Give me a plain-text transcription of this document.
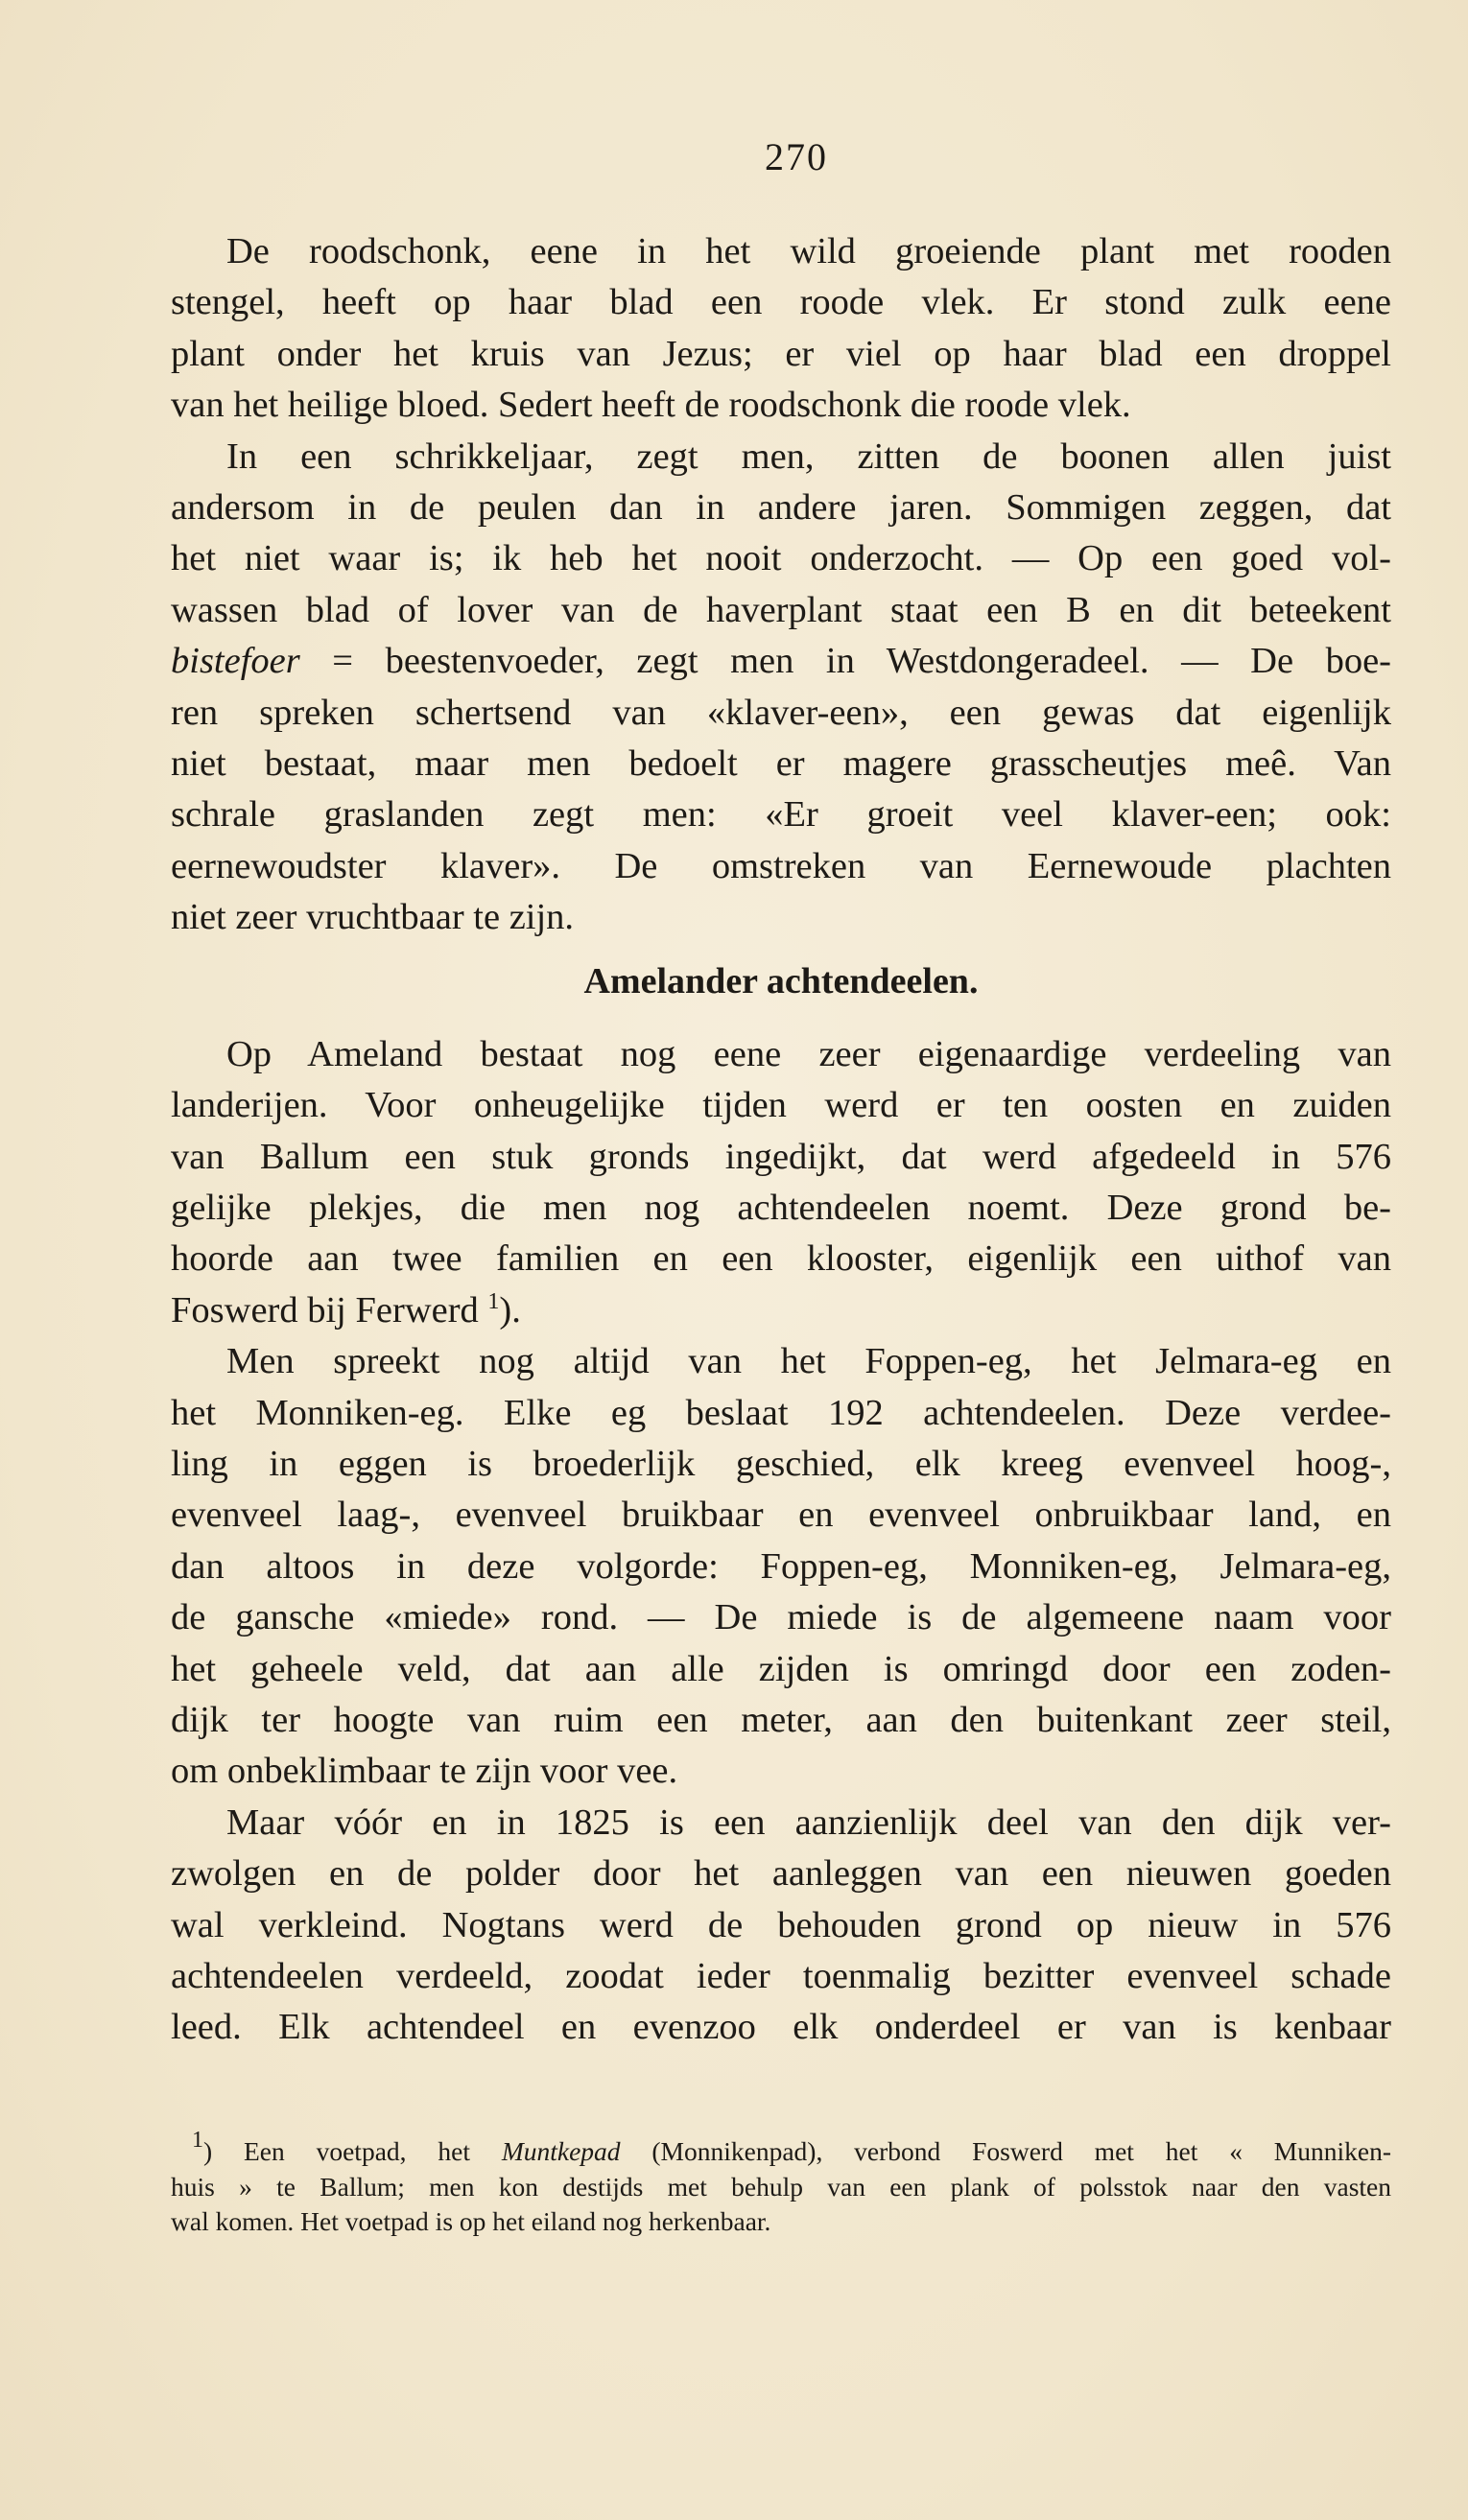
270
De roodschonk, eene in het wild groeiende plant met rooden
stengel, heeft op haar blad een roode vlek. Er stond zulk eene
plant onder het kruis van Jezus; er viel op haar blad een droppel
van het heilige bloed. Sedert heeft de roodschonk die roode vlek.
In een schrikkeljaar, zegt men, zitten de boonen allen juist
andersom in de peulen dan in andere jaren. Sommigen zeggen, dat
het niet waar is; ik heb het nooit onderzocht. — Op een goed vol-
wassen blad of lover van de haverplant staat een B en dit beteekent
bistefoer = beestenvoeder, zegt men in Westdongeradeel. — De boe-
ren spreken schertsend van «klaver-een», een gewas dat eigenlijk
niet bestaat, maar men bedoelt er magere grasscheutjes meê. Van
schrale graslanden zegt men: «Er groeit veel klaver-een; ook:
eernewoudster klaver». De omstreken van Eernewoude plachten
niet zeer vruchtbaar te zijn.
Amelander achtendeelen.
Op Ameland bestaat nog eene zeer eigenaardige verdeeling van
landerijen. Voor onheugelijke tijden werd er ten oosten en zuiden
van Ballum een stuk gronds ingedijkt, dat werd afgedeeld in 576
gelijke plekjes, die men nog achtendeelen noemt. Deze grond be-
hoorde aan twee familien en een klooster, eigenlijk een uithof van
Foswerd bij Ferwerd $^1$).
Men spreekt nog altijd van het Foppen-eg, het Jelmara-eg en
het Monniken-eg. Elke eg beslaat 192 achtendeelen. Deze verdee-
ling in eggen is broederlijk geschied, elk kreeg evenveel hoog-,
evenveel laag-, evenveel bruikbaar en evenveel onbruikbaar land, en
dan altoos in deze volgorde: Foppen-eg, Monniken-eg, Jelmara-eg,
de gansche «miede» rond. — De miede is de algemeene naam voor
het geheele veld, dat aan alle zijden is omringd door een zoden-
dijk ter hoogte van ruim een meter, aan den buitenkant zeer steil,
om onbeklimbaar te zijn voor vee.
Maar vóór en in 1825 is een aanzienlijk deel van den dijk ver-
zwolgen en de polder door het aanleggen van een nieuwen goeden
wal verkleind. Nogtans werd de behouden grond op nieuw in 576
achtendeelen verdeeld, zoodat ieder toenmalig bezitter evenveel schade
leed. Elk achtendeel en evenzoo elk onderdeel er van is kenbaar
$^1$) Een voetpad, het Muntkepad (Monnikenpad), verbond Foswerd met het « Munniken-
huis » te Ballum; men kon destijds met behulp van een plank of polsstok naar den vasten
wal komen. Het voetpad is op het eiland nog herkenbaar.
